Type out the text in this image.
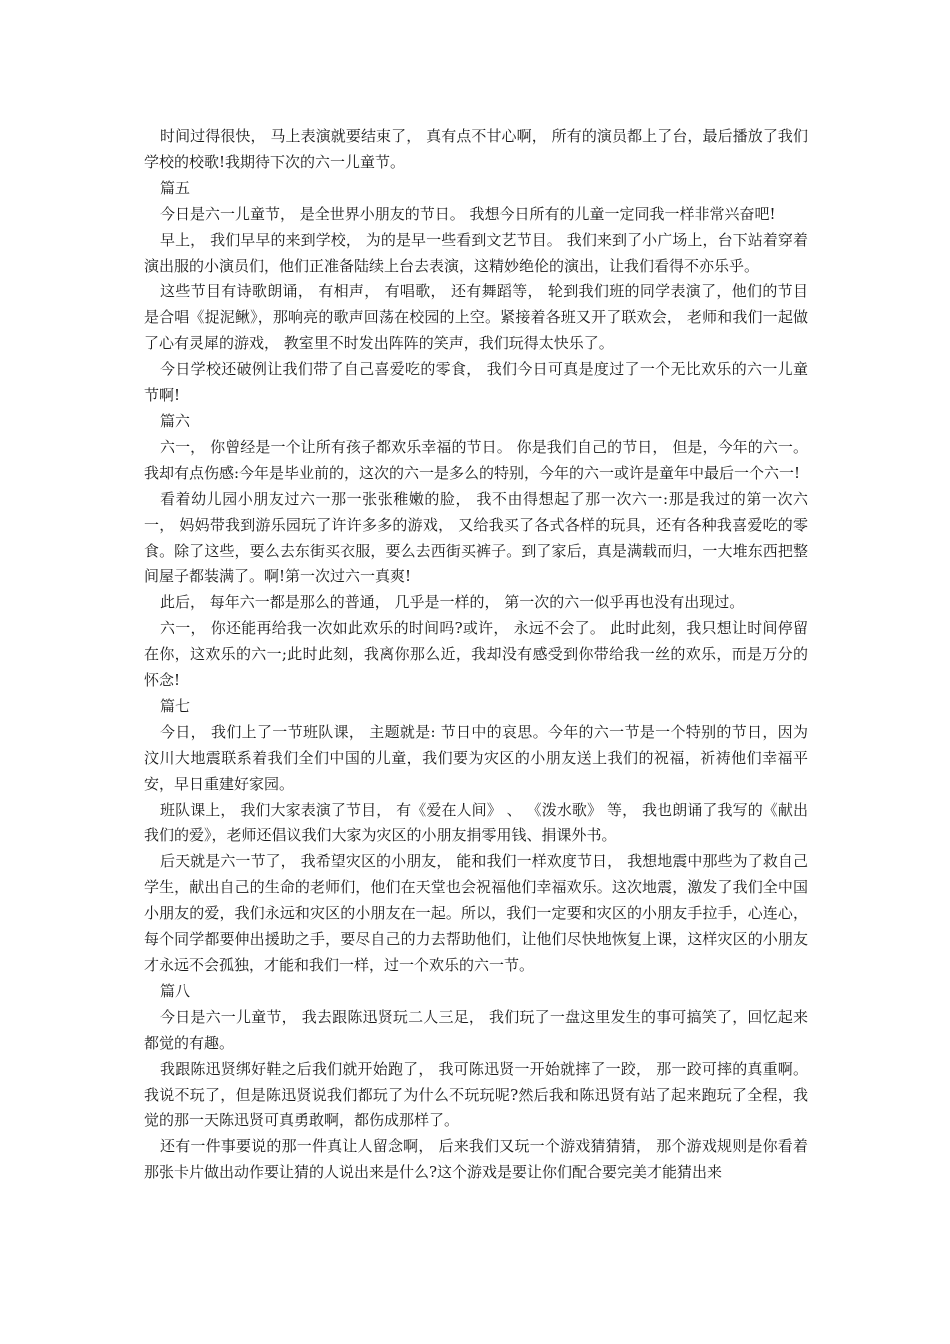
时间过得很快， 马上表演就要结束了， 真有点不甘心啊， 所有的演员都上了台，最后播放了我们学校的校歌!我期待下次的六一儿童节。

篇五

今日是六一儿童节， 是全世界小朋友的节日。 我想今日所有的儿童一定同我一样非常兴奋吧!

早上， 我们早早的来到学校， 为的是早一些看到文艺节目。 我们来到了小广场上，台下站着穿着演出服的小演员们，他们正准备陆续上台去表演，这精妙绝伦的演出，让我们看得不亦乐乎。

这些节目有诗歌朗诵， 有相声， 有唱歌， 还有舞蹈等， 轮到我们班的同学表演了，他们的节目是合唱《捉泥鳅》，那响亮的歌声回荡在校园的上空。紧接着各班又开了联欢会， 老师和我们一起做了心有灵犀的游戏， 教室里不时发出阵阵的笑声，我们玩得太快乐了。

今日学校还破例让我们带了自己喜爱吃的零食， 我们今日可真是度过了一个无比欢乐的六一儿童节啊!

篇六

六一， 你曾经是一个让所有孩子都欢乐幸福的节日。 你是我们自己的节日， 但是，今年的六一。我却有点伤感:今年是毕业前的，这次的六一是多么的特别，今年的六一或许是童年中最后一个六一!

看着幼儿园小朋友过六一那一张张稚嫩的脸， 我不由得想起了那一次六一:那是我过的第一次六一， 妈妈带我到游乐园玩了许许多多的游戏， 又给我买了各式各样的玩具，还有各种我喜爱吃的零食。除了这些，要么去东街买衣服，要么去西街买裤子。到了家后，真是满载而归，一大堆东西把整间屋子都装满了。啊!第一次过六一真爽!

此后， 每年六一都是那么的普通， 几乎是一样的， 第一次的六一似乎再也没有出现过。

六一， 你还能再给我一次如此欢乐的时间吗?或许， 永远不会了。 此时此刻，我只想让时间停留在你，这欢乐的六一;此时此刻，我离你那么近，我却没有感受到你带给我一丝的欢乐，而是万分的怀念!

篇七

今日， 我们上了一节班队课， 主题就是: 节日中的哀思。今年的六一节是一个特别的节日，因为汶川大地震联系着我们全们中国的儿童，我们要为灾区的小朋友送上我们的祝福，祈祷他们幸福平安，早日重建好家园。

班队课上， 我们大家表演了节目， 有《爱在人间》 、 《泼水歌》 等， 我也朗诵了我写的《献出我们的爱》，老师还倡议我们大家为灾区的小朋友捐零用钱、捐课外书。

后天就是六一节了， 我希望灾区的小朋友， 能和我们一样欢度节日， 我想地震中那些为了救自己学生，献出自己的生命的老师们，他们在天堂也会祝福他们幸福欢乐。这次地震，激发了我们全中国小朋友的爱，我们永远和灾区的小朋友在一起。所以，我们一定要和灾区的小朋友手拉手，心连心，每个同学都要伸出援助之手，要尽自己的力去帮助他们，让他们尽快地恢复上课，这样灾区的小朋友才永远不会孤独，才能和我们一样，过一个欢乐的六一节。

篇八

今日是六一儿童节， 我去跟陈迅贤玩二人三足， 我们玩了一盘这里发生的事可搞笑了，回忆起来都觉的有趣。

我跟陈迅贤绑好鞋之后我们就开始跑了， 我可陈迅贤一开始就摔了一跤， 那一跤可摔的真重啊。我说不玩了，但是陈迅贤说我们都玩了为什么不玩玩呢?然后我和陈迅贤有站了起来跑玩了全程，我觉的那一天陈迅贤可真勇敢啊，都伤成那样了。

还有一件事要说的那一件真让人留念啊， 后来我们又玩一个游戏猜猜猜， 那个游戏规则是你看着那张卡片做出动作要让猜的人说出来是什么?这个游戏是要让你们配合要完美才能猜出来
